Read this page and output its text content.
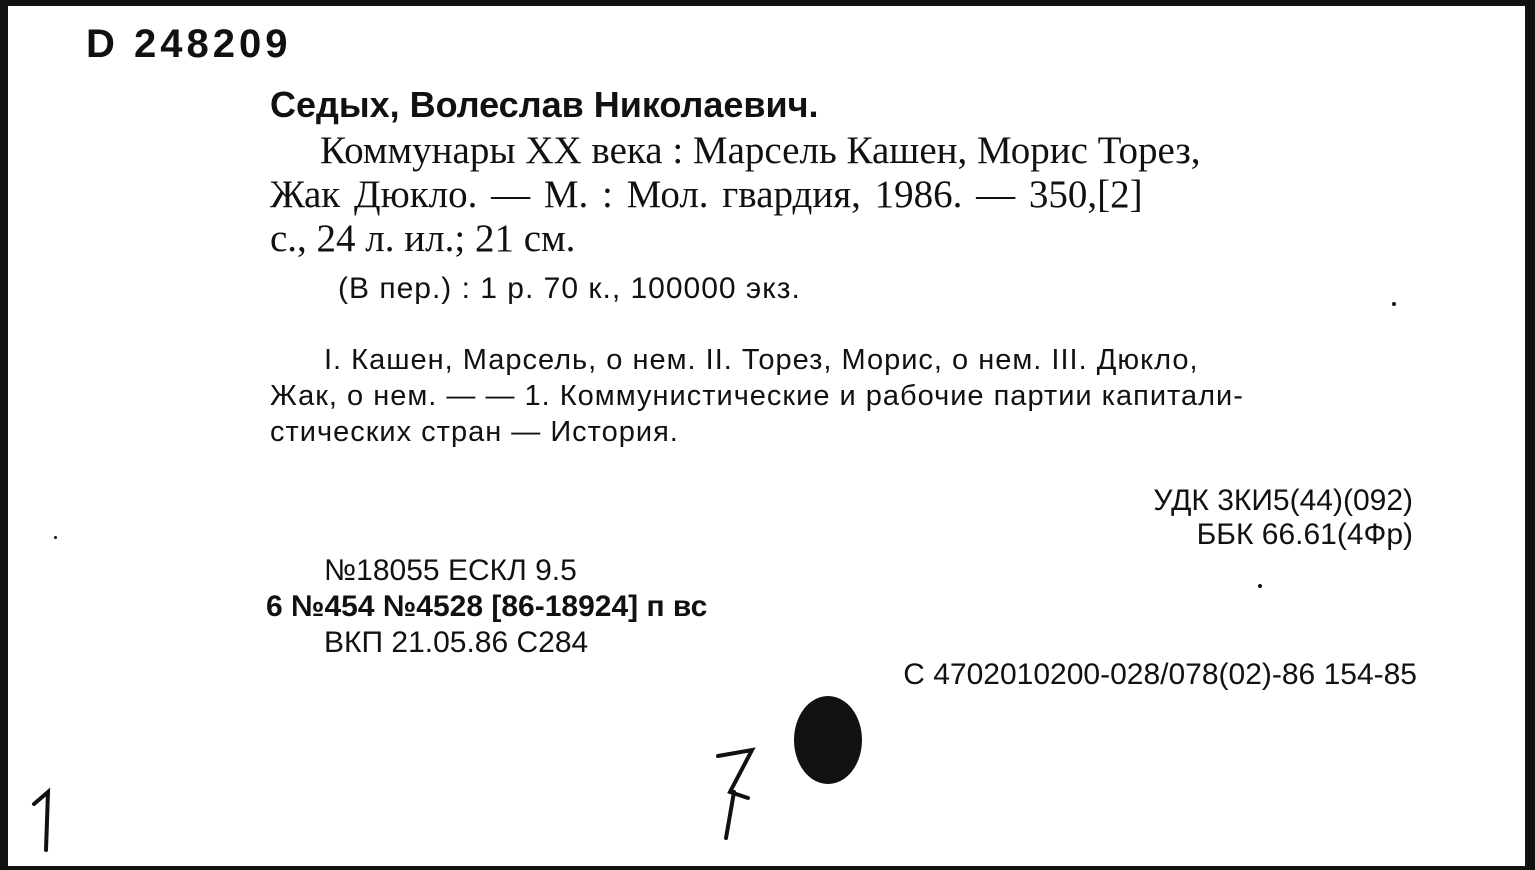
D 248209
Седых, Волеслав Николаевич.
Коммунары XX века : Марсель Кашен, Морис Торез,
Жак Дюкло. — М. : Мол. гвардия, 1986. — 350,[2]
с., 24 л. ил.; 21 см.
(В пер.) : 1 р. 70 к., 100000 экз.
I. Кашен, Марсель, о нем. II. Торез, Морис, о нем. III. Дюкло,
Жак, о нем. — — 1. Коммунистические и рабочие партии капитали-
стических стран — История.
УДК 3КИ5(44)(092)
ББК 66.61(4Фр)
№18055 ЕСКЛ 9.5
6 №454 №4528 [86-18924] п вс
ВКП 21.05.86 С284
С 4702010200-028/078(02)-86 154-85
